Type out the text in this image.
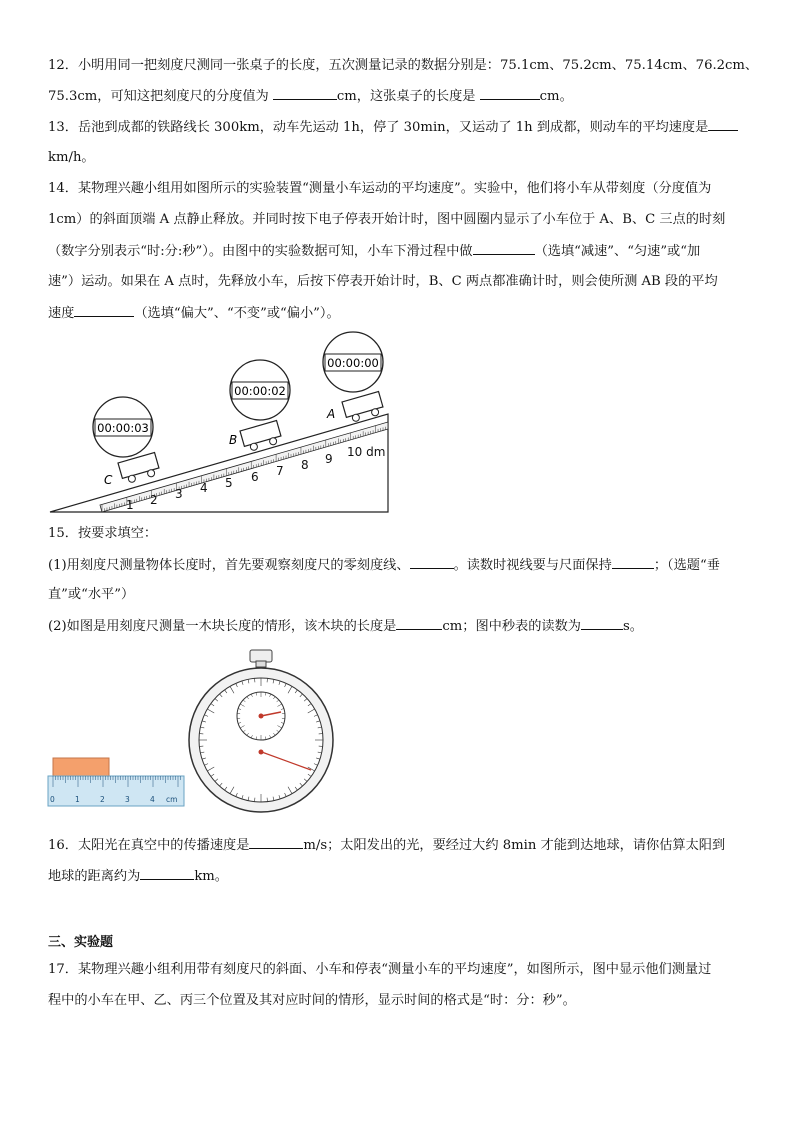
12．小明用同一把刻度尺测同一张桌子的长度，五次测量记录的数据分别是：75.1cm、75.2cm、75.14cm、76.2cm、
75.3cm，可知这把刻度尺的分度值为	cm，这张桌子的长度是	cm。
13．岳池到成都的铁路线长 300km，动车先运动 1h，停了 30min，又运动了 1h 到成都，则动车的平均速度是
km/h。
14．某物理兴趣小组用如图所示的实验装置“测量小车运动的平均速度”。实验中，他们将小车从带刻度（分度值为
1cm）的斜面顶端 A 点静止释放。并同时按下电子停表开始计时，图中圆圈内显示了小车位于 A、B、C 三点的时刻
（数字分别表示“时:分:秒”）。由图中的实验数据可知，小车下滑过程中做	（选填“减速”、“匀速”或“加
速”）运动。如果在 A 点时，先释放小车，后按下停表开始计时，B、C 两点都准确计时，则会使所测 AB 段的平均
速度	（选填“偏大”、“不变”或“偏小”）。
1 2 3 4 5 6 7 8 9 10 dm
C
B
A
00:00:03
00:00:02
00:00:00
15．按要求填空：
(1)用刻度尺测量物体长度时，首先要观察刻度尺的零刻度线、	。读数时视线要与尺面保持	；（选题“垂
直”或“水平”）
(2)如图是用刻度尺测量一木块长度的情形，该木块的长度是	cm；图中秒表的读数为	s。
0	1	2	3	4 cm
16．太阳光在真空中的传播速度是	m/s；太阳发出的光，要经过大约 8min 才能到达地球，请你估算太阳到
地球的距离约为	km。
三、实验题
17．某物理兴趣小组利用带有刻度尺的斜面、小车和停表“测量小车的平均速度”，如图所示，图中显示他们测量过
程中的小车在甲、乙、丙三个位置及其对应时间的情形，显示时间的格式是“时：分：秒”。
